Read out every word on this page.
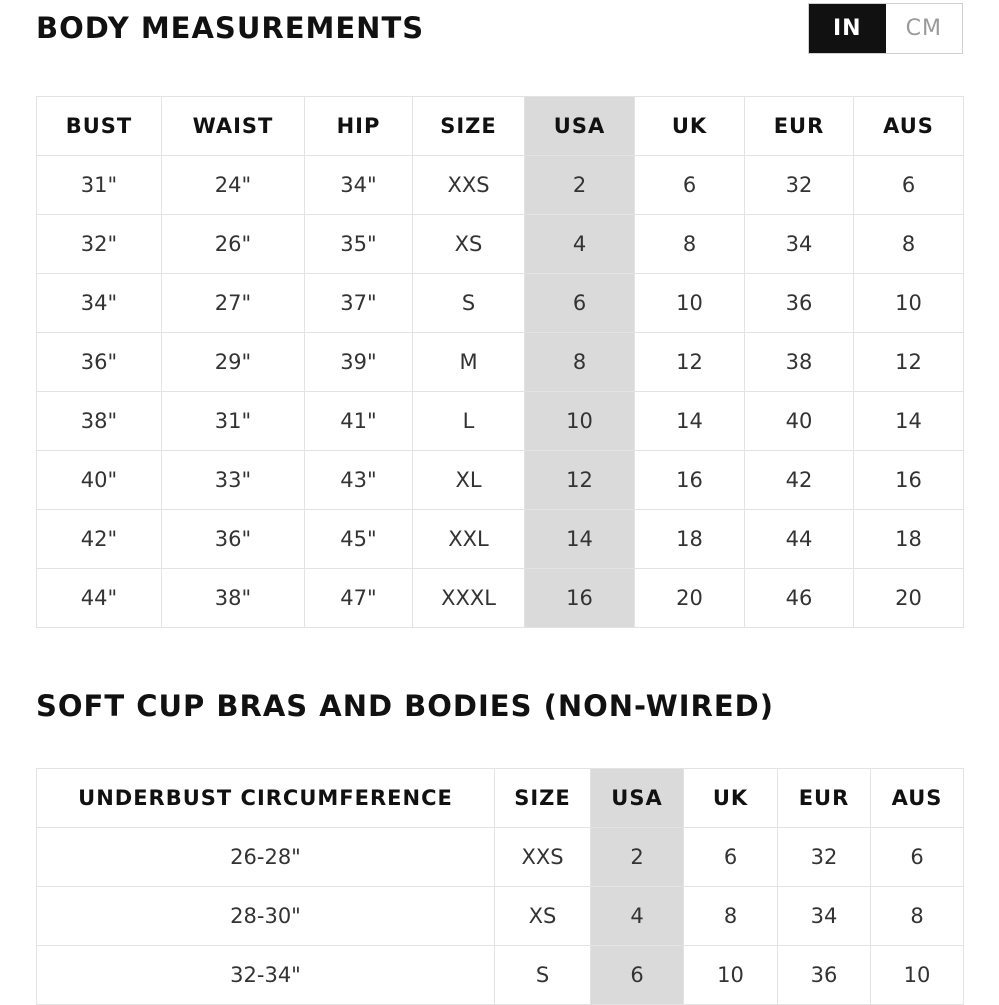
BODY MEASUREMENTS	IN	CM
BUST	WAIST	HIP	SIZE	USA	UK	EUR	AUS
31"	24"	34"	XXS	2	6	32	6
32"	26"	35"	XS	4	8	34	8
34"	27"	37"	S	6	10	36	10
36"	29"	39"	M	8	12	38	12
38"	31"	41"	L	10	14	40	14
40"	33"	43"	XL	12	16	42	16
42"	36"	45"	XXL	14	18	44	18
44"	38"	47"	XXXL	16	20	46	20
SOFT CUP BRAS AND BODIES (NON-WIRED)
UNDERBUST CIRCUMFERENCE	SIZE	USA	UK	EUR	AUS
26-28"	XXS	2	6	32	6
28-30"	XS	4	8	34	8
32-34"	S	6	10	36	10
